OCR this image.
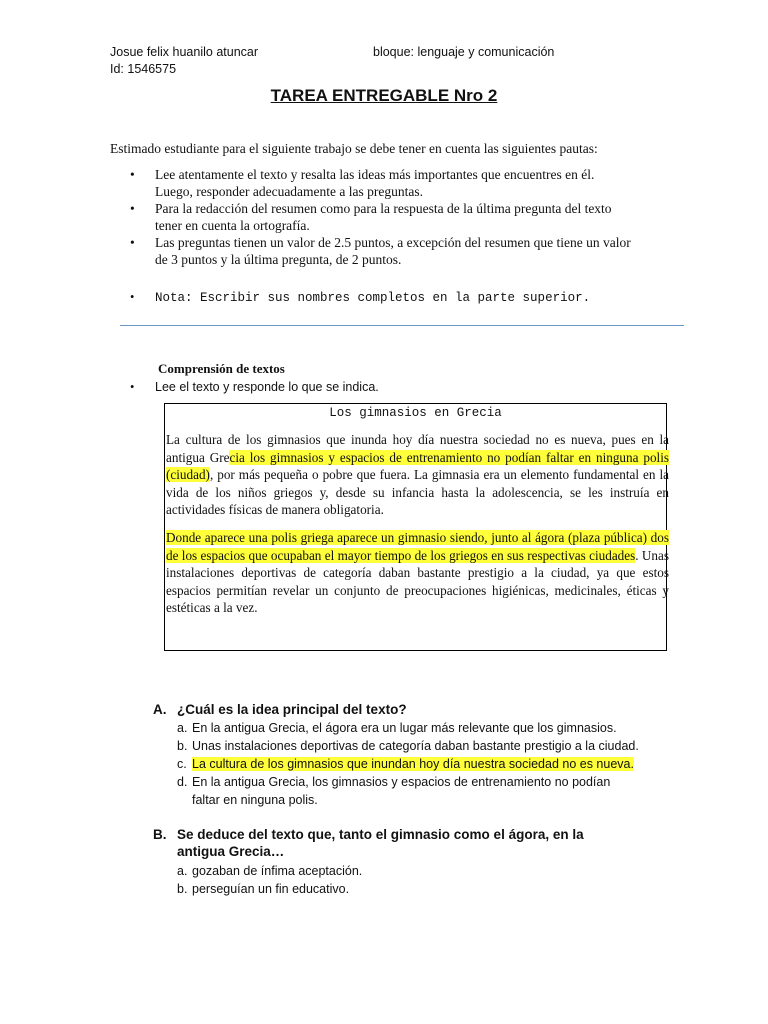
Josue felix huanilo atuncar
Id: 1546575
bloque: lenguaje y comunicación
TAREA ENTREGABLE Nro 2
Estimado estudiante para el siguiente trabajo se debe tener en cuenta las siguientes pautas:
• Lee atentamente el texto y resalta las ideas más importantes que encuentres en él.
Luego, responder adecuadamente a las preguntas.
• Para la redacción del resumen como para la respuesta de la última pregunta del texto
tener en cuenta la ortografía.
• Las preguntas tienen un valor de 2.5 puntos, a excepción del resumen que tiene un valor
de 3 puntos y la última pregunta, de 2 puntos.
• Nota: Escribir sus nombres completos en la parte superior.
Comprensión de textos
• Lee el texto y responde lo que se indica.
Los gimnasios en Grecia
La cultura de los gimnasios que inunda hoy día nuestra sociedad no es nueva, pues en la antigua Grecia los gimnasios y espacios de entrenamiento no podían faltar en ninguna polis (ciudad), por más pequeña o pobre que fuera. La gimnasia era un elemento fundamental en la vida de los niños griegos y, desde su infancia hasta la adolescencia, se les instruía en actividades físicas de manera obligatoria.
Donde aparece una polis griega aparece un gimnasio siendo, junto al ágora (plaza pública) dos de los espacios que ocupaban el mayor tiempo de los griegos en sus respectivas ciudades. Unas instalaciones deportivas de categoría daban bastante prestigio a la ciudad, ya que estos espacios permitían revelar un conjunto de preocupaciones higiénicas, medicinales, éticas y estéticas a la vez.
A. ¿Cuál es la idea principal del texto?
a. En la antigua Grecia, el ágora era un lugar más relevante que los gimnasios.
b. Unas instalaciones deportivas de categoría daban bastante prestigio a la ciudad.
c. La cultura de los gimnasios que inundan hoy día nuestra sociedad no es nueva.
d. En la antigua Grecia, los gimnasios y espacios de entrenamiento no podían
faltar en ninguna polis.
B. Se deduce del texto que, tanto el gimnasio como el ágora, en la
antigua Grecia…
a. gozaban de ínfima aceptación.
b. perseguían un fin educativo.
